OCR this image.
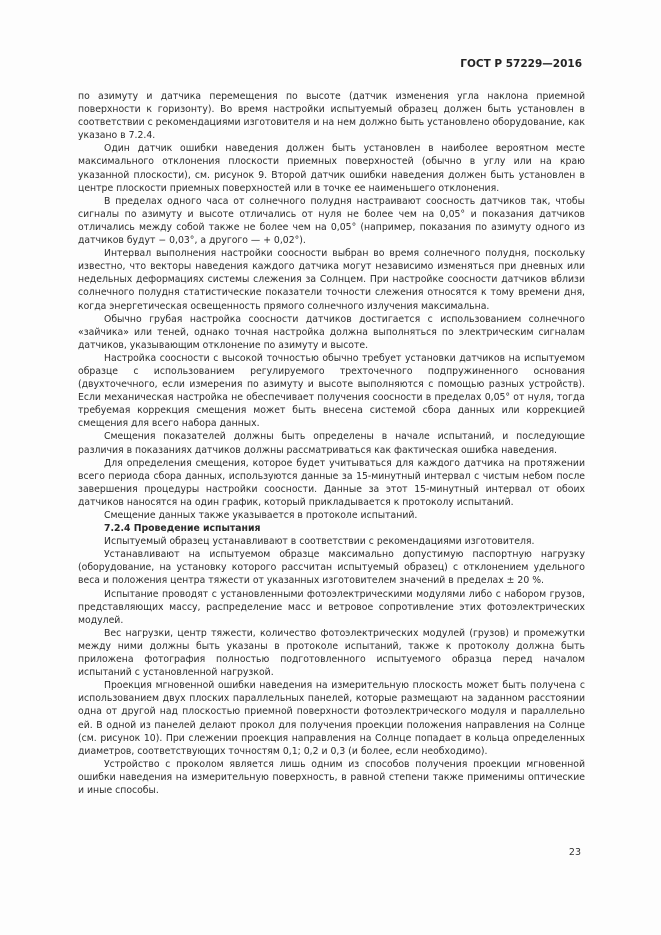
ГОСТ Р 57229—2016

по азимуту и датчика перемещения по высоте (датчик изменения угла наклона приемной поверхности к горизонту). Во время настройки испытуемый образец должен быть установлен в соответствии с рекомендациями изготовителя и на нем должно быть установлено оборудование, как указано в 7.2.4.

Один датчик ошибки наведения должен быть установлен в наиболее вероятном месте максимального отклонения плоскости приемных поверхностей (обычно в углу или на краю указанной плоскости), см. рисунок 9. Второй датчик ошибки наведения должен быть установлен в центре плоскости приемных поверхностей или в точке ее наименьшего отклонения.

В пределах одного часа от солнечного полудня настраивают соосность датчиков так, чтобы сигналы по азимуту и высоте отличались от нуля не более чем на 0,05° и показания датчиков отличались между собой также не более чем на 0,05° (например, показания по азимуту одного из датчиков будут − 0,03°, а другого — + 0,02°).

Интервал выполнения настройки соосности выбран во время солнечного полудня, поскольку известно, что векторы наведения каждого датчика могут независимо изменяться при дневных или недельных деформациях системы слежения за Солнцем. При настройке соосности датчиков вблизи солнечного полудня статистические показатели точности слежения относятся к тому времени дня, когда энергетическая освещенность прямого солнечного излучения максимальна.

Обычно грубая настройка соосности датчиков достигается с использованием солнечного «зайчика» или теней, однако точная настройка должна выполняться по электрическим сигналам датчиков, указывающим отклонение по азимуту и высоте.

Настройка соосности с высокой точностью обычно требует установки датчиков на испытуемом образце с использованием регулируемого трехточечного подпружиненного основания (двухточечного, если измерения по азимуту и высоте выполняются с помощью разных устройств). Если механическая настройка не обеспечивает получения соосности в пределах 0,05° от нуля, тогда требуемая коррекция смещения может быть внесена системой сбора данных или коррекцией смещения для всего набора данных.

Смещения показателей должны быть определены в начале испытаний, и последующие различия в показаниях датчиков должны рассматриваться как фактическая ошибка наведения.

Для определения смещения, которое будет учитываться для каждого датчика на протяжении всего периода сбора данных, используются данные за 15-минутный интервал с чистым небом после завершения процедуры настройки соосности. Данные за этот 15-минутный интервал от обоих датчиков наносятся на один график, который прикладывается к протоколу испытаний.

Смещение данных также указывается в протоколе испытаний.

7.2.4 Проведение испытания

Испытуемый образец устанавливают в соответствии с рекомендациями изготовителя.

Устанавливают на испытуемом образце максимально допустимую паспортную нагрузку (оборудование, на установку которого рассчитан испытуемый образец) с отклонением удельного веса и положения центра тяжести от указанных изготовителем значений в пределах ± 20 %.

Испытание проводят с установленными фотоэлектрическими модулями либо с набором грузов, представляющих массу, распределение масс и ветровое сопротивление этих фотоэлектрических модулей.

Вес нагрузки, центр тяжести, количество фотоэлектрических модулей (грузов) и промежутки между ними должны быть указаны в протоколе испытаний, также к протоколу должна быть приложена фотография полностью подготовленного испытуемого образца перед началом испытаний с установленной нагрузкой.

Проекция мгновенной ошибки наведения на измерительную плоскость может быть получена с использованием двух плоских параллельных панелей, которые размещают на заданном расстоянии одна от другой над плоскостью приемной поверхности фотоэлектрического модуля и параллельно ей. В одной из панелей делают прокол для получения проекции положения направления на Солнце (см. рисунок 10). При слежении проекция направления на Солнце попадает в кольца определенных диаметров, соответствующих точностям 0,1; 0,2 и 0,3 (и более, если необходимо).

Устройство с проколом является лишь одним из способов получения проекции мгновенной ошибки наведения на измерительную поверхность, в равной степени также применимы оптические и иные способы.

23
